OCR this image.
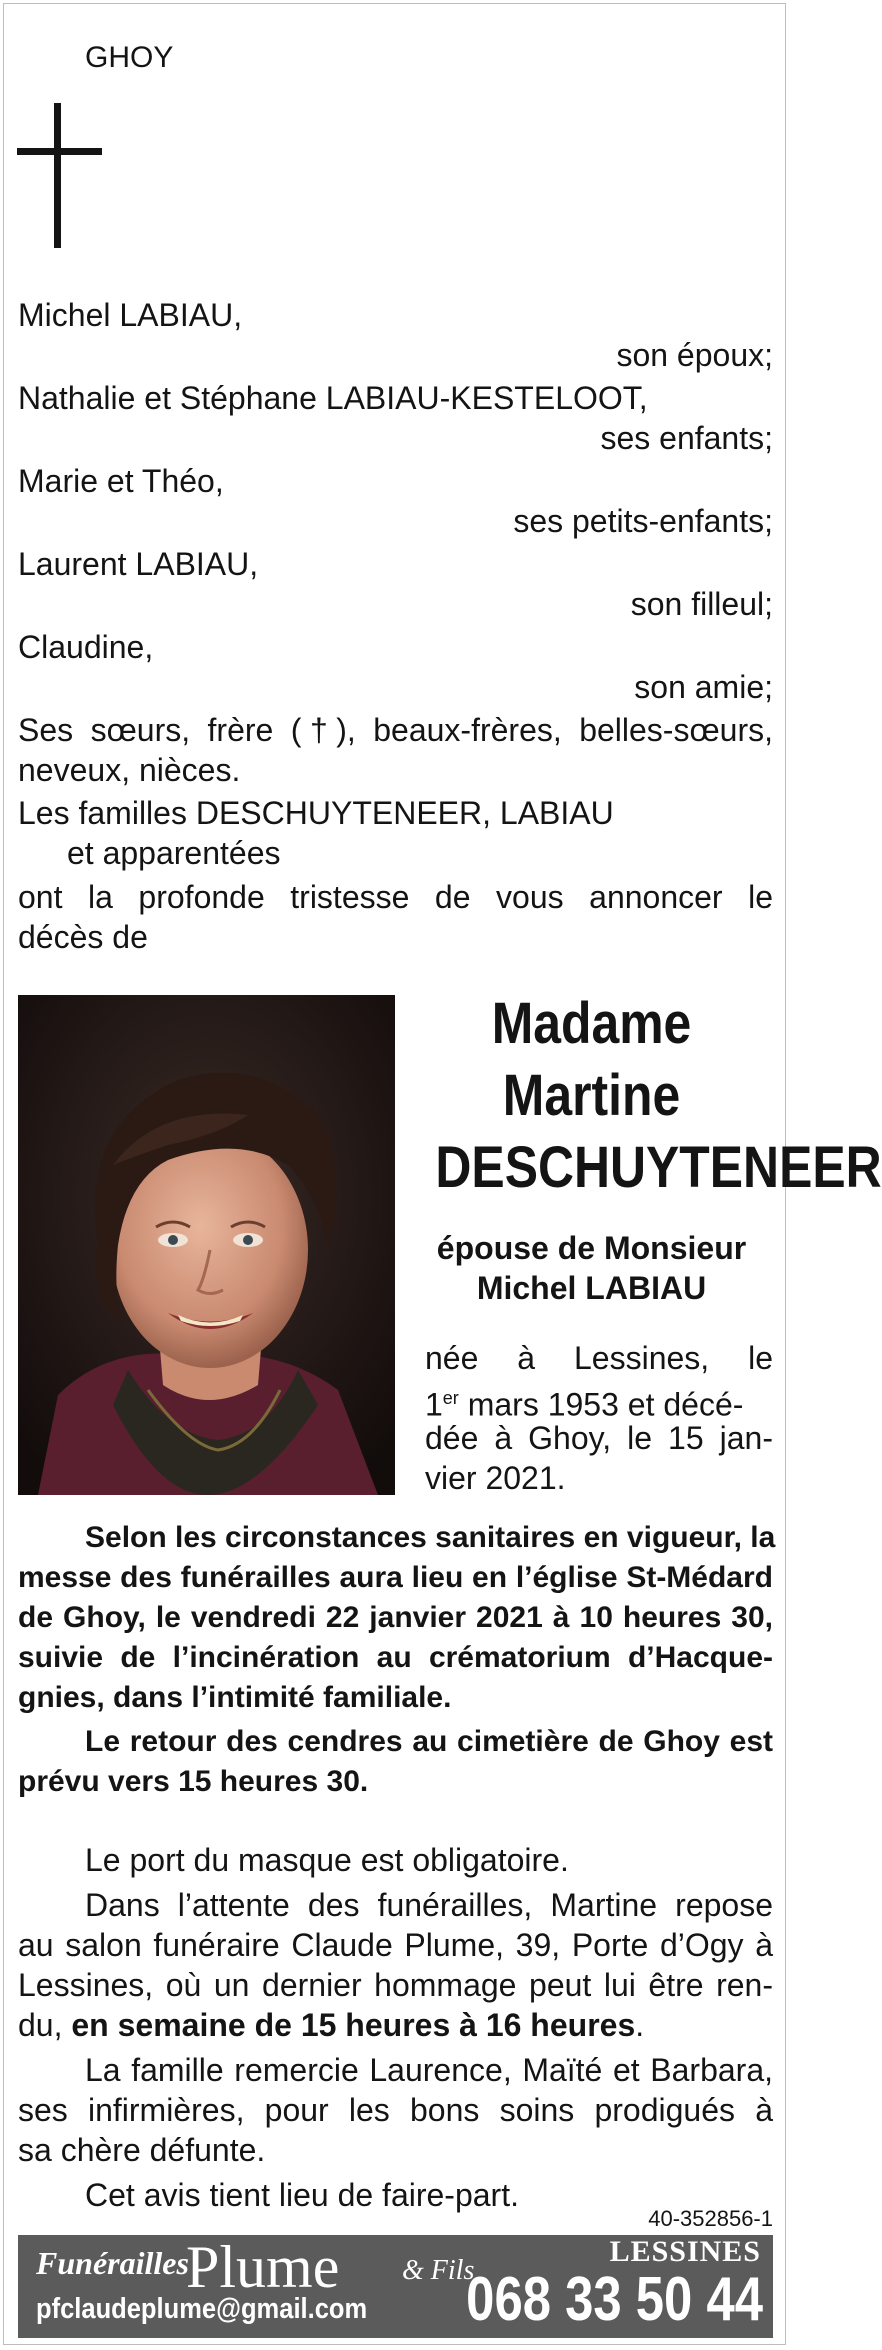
GHOY
Michel LABIAU,
son époux;
Nathalie et Stéphane LABIAU-KESTELOOT,
ses enfants;
Marie et Théo,
ses petits-enfants;
Laurent LABIAU,
son filleul;
Claudine,
son amie;
Ses sœurs, frère (†), beaux-frères, belles-sœurs,
neveux, nièces.
Les familles DESCHUYTENEER, LABIAU
et apparentées
ont la profonde tristesse de vous annoncer le
décès de
Madame
Martine
DESCHUYTENEER
épouse de Monsieur
Michel LABIAU
née à Lessines, le
1er mars 1953 et décé-
dée à Ghoy, le 15 jan-
vier 2021.
Selon les circonstances sanitaires en vigueur, la
messe des funérailles aura lieu en l’église St-Médard
de Ghoy, le vendredi 22 janvier 2021 à 10 heures 30,
suivie de l’incinération au crématorium d’Hacque-
gnies, dans l’intimité familiale.
Le retour des cendres au cimetière de Ghoy est
prévu vers 15 heures 30.
Le port du masque est obligatoire.
Dans l’attente des funérailles, Martine repose
au salon funéraire Claude Plume, 39, Porte d’Ogy à
Lessines, où un dernier hommage peut lui être ren-
du, en semaine de 15 heures à 16 heures.
La famille remercie Laurence, Maïté et Barbara,
ses infirmières, pour les bons soins prodigués à
sa chère défunte.
Cet avis tient lieu de faire-part.
40-352856-1
Funérailles
Plume & Fils
pfclaudeplume@gmail.com
LESSINES
068 33 50 44
